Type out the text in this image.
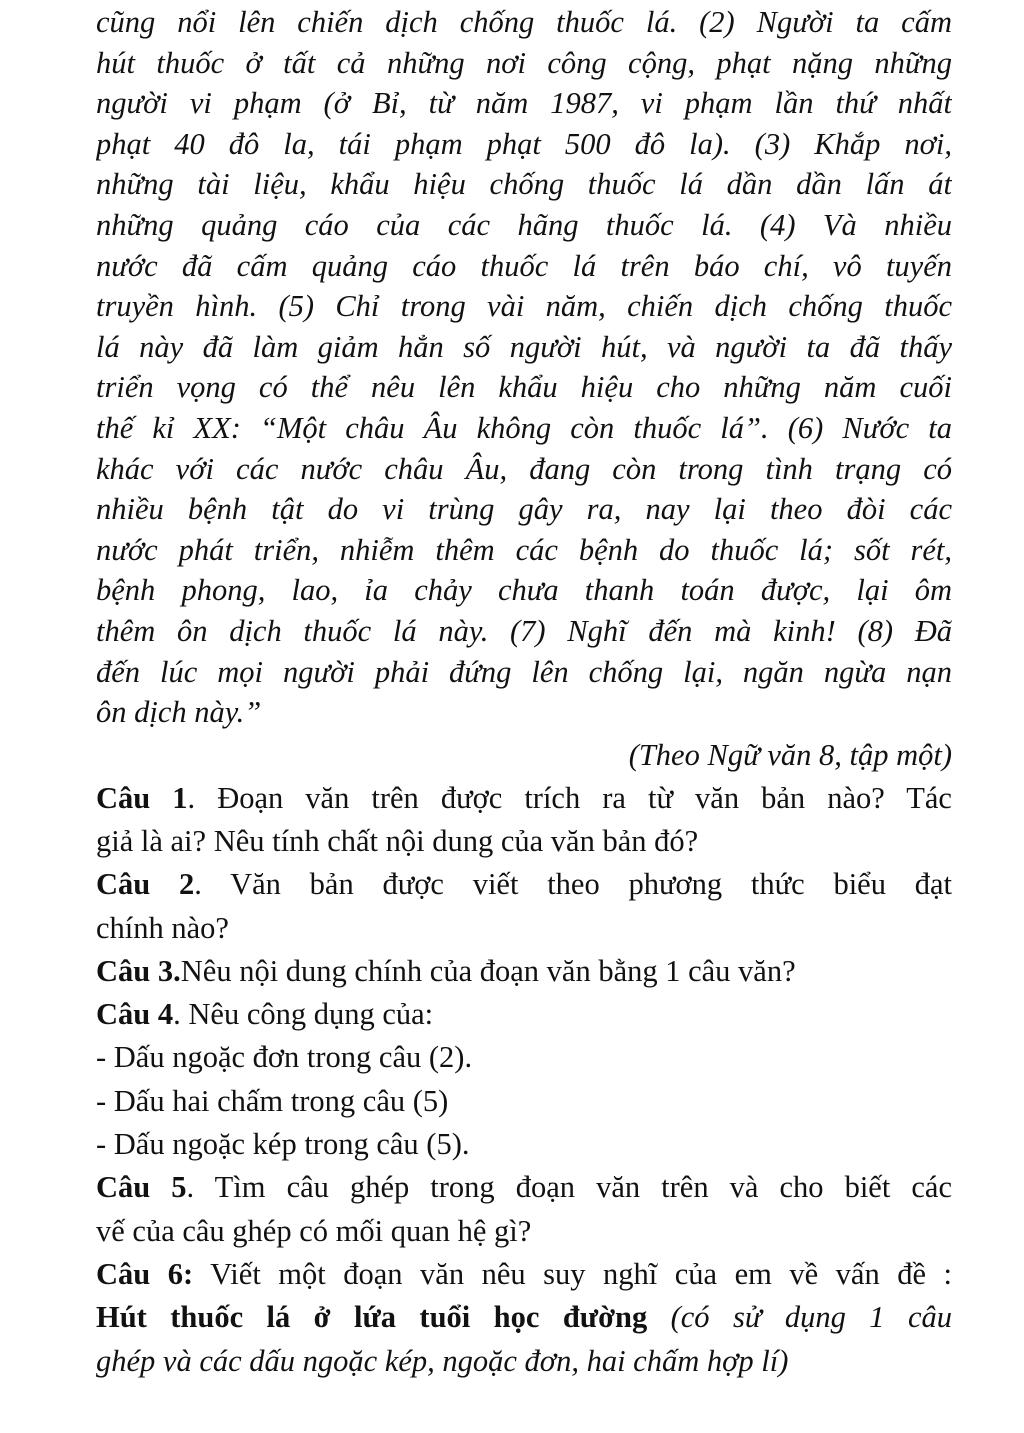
cũng nổi lên chiến dịch chống thuốc lá. (2) Người ta cấm
hút thuốc ở tất cả những nơi công cộng, phạt nặng những
người vi phạm (ở Bỉ, từ năm 1987, vi phạm lần thứ nhất
phạt 40 đô la, tái phạm phạt 500 đô la). (3) Khắp nơi,
những tài liệu, khẩu hiệu chống thuốc lá dần dần lấn át
những quảng cáo của các hãng thuốc lá. (4) Và nhiều
nước đã cấm quảng cáo thuốc lá trên báo chí, vô tuyến
truyền hình. (5) Chỉ trong vài năm, chiến dịch chống thuốc
lá này đã làm giảm hẳn số người hút, và người ta đã thấy
triển vọng có thể nêu lên khẩu hiệu cho những năm cuối
thế kỉ XX: “Một châu Âu không còn thuốc lá”. (6) Nước ta
khác với các nước châu Âu, đang còn trong tình trạng có
nhiều bệnh tật do vi trùng gây ra, nay lại theo đòi các
nước phát triển, nhiễm thêm các bệnh do thuốc lá; sốt rét,
bệnh phong, lao, ỉa chảy chưa thanh toán được, lại ôm
thêm ôn dịch thuốc lá này. (7) Nghĩ đến mà kinh! (8) Đã
đến lúc mọi người phải đứng lên chống lại, ngăn ngừa nạn
ôn dịch này.”
(Theo Ngữ văn 8, tập một)
Câu 1. Đoạn văn trên được trích ra từ văn bản nào? Tác
giả là ai? Nêu tính chất nội dung của văn bản đó?
Câu 2. Văn bản được viết theo phương thức biểu đạt
chính nào?
Câu 3.Nêu nội dung chính của đoạn văn bằng 1 câu văn?
Câu 4. Nêu công dụng của:
- Dấu ngoặc đơn trong câu (2).
- Dấu hai chấm trong câu (5)
- Dấu ngoặc kép trong câu (5).
Câu 5. Tìm câu ghép trong đoạn văn trên và cho biết các
vế của câu ghép có mối quan hệ gì?
Câu 6: Viết một đoạn văn nêu suy nghĩ của em về vấn đề :
Hút thuốc lá ở lứa tuổi học đường (có sử dụng 1 câu
ghép và các dấu ngoặc kép, ngoặc đơn, hai chấm hợp lí)
